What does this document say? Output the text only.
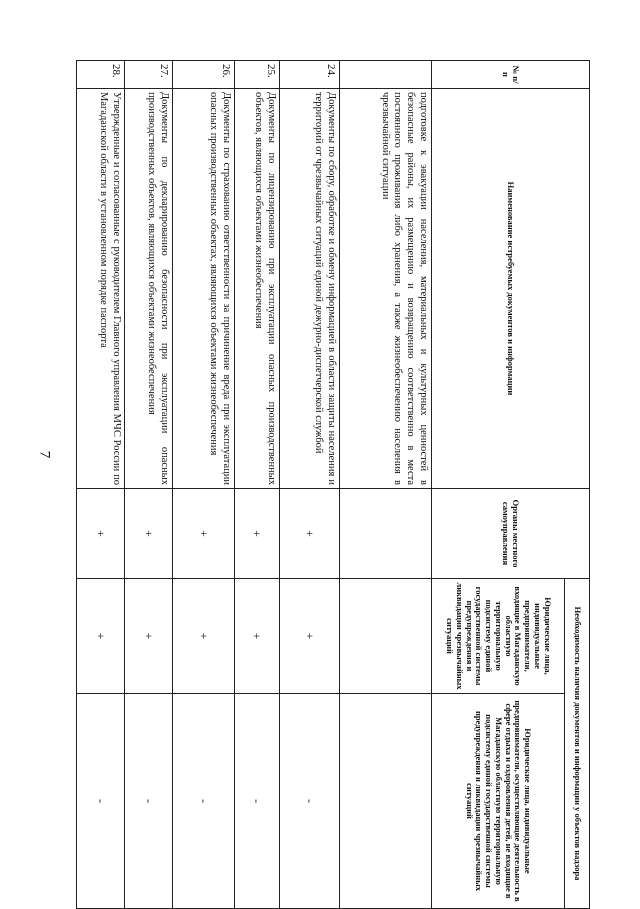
7
№ п/п	Наименование истребуемых документов и информации	Органы местного самоуправления	Необходимость наличия документов и информации у объектов надзора	
			Юридические лица, индивидуальные предприниматели, входящие в Магаданскую областную территориальную подсистему единой государственной системы предупреждения и ликвидации чрезвычайных ситуаций	Юридические лица, индивидуальные предприниматели, осуществляющие деятельность в сфере отдыха и оздоровления детей, не входящие в Магаданскую областную территориальную подсистему единой государственной системы предупреждения и ликвидации чрезвычайных ситуаций
	подготовке к эвакуации населения, материальных и культурных ценностей в безопасные районы, их размещению и возвращению соответственно в места постоянного проживания либо хранения, а также жизнеобеспечению населения в чрезвычайной ситуации			
24.	Документы по сбору, обработке и обмену информацией в области защиты населения и территорий от чрезвычайных ситуаций единой дежурно-диспетчерской службой	+	+	-
25.	Документы по лицензированию при эксплуатации опасных производственных объектов, являющихся объектами жизнеобеспечения	+	+	-
26.	Документы по страхованию ответственности за причинение вреда при эксплуатации опасных производственных объектах, являющихся объектами жизнеобеспечения	+	+	-
27.	Документы по декларированию безопасности при эксплуатации опасных производственных объектов, являющихся объектами жизнеобеспечения	+	+	-
28.	Утвержденные и согласованные с руководителем Главного управления МЧС России по Магаданской области в установленном порядке паспорта	+	+	-
